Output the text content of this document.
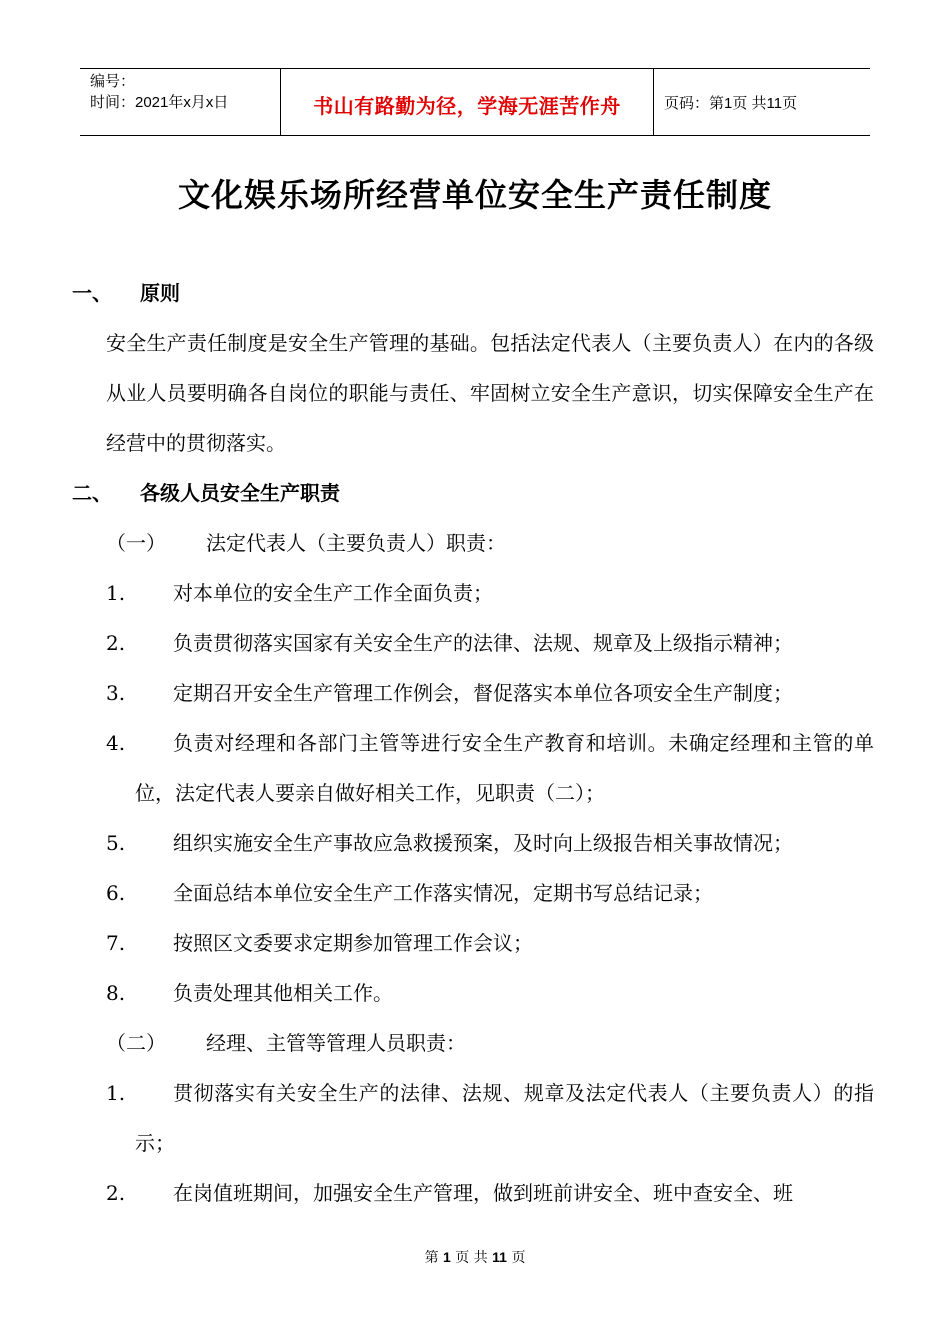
编号：
时间：2021年x月x日	书山有路勤为径，学海无涯苦作舟	页码：第1页 共11页
文化娱乐场所经营单位安全生产责任制度
一、 原则
安全生产责任制度是安全生产管理的基础。包括法定代表人（主要负责人）在内的各级从业人员要明确各自岗位的职能与责任、牢固树立安全生产意识，切实保障安全生产在经营中的贯彻落实。
二、 各级人员安全生产职责
（一） 法定代表人（主要负责人）职责：
1.	对本单位的安全生产工作全面负责；
2.	负责贯彻落实国家有关安全生产的法律、法规、规章及上级指示精神；
3.	定期召开安全生产管理工作例会，督促落实本单位各项安全生产制度；
4.	负责对经理和各部门主管等进行安全生产教育和培训。未确定经理和主管的单位，法定代表人要亲自做好相关工作，见职责（二）；
5.	组织实施安全生产事故应急救援预案，及时向上级报告相关事故情况；
6.	全面总结本单位安全生产工作落实情况，定期书写总结记录；
7.	按照区文委要求定期参加管理工作会议；
8.	负责处理其他相关工作。
（二） 经理、主管等管理人员职责：
1.	贯彻落实有关安全生产的法律、法规、规章及法定代表人（主要负责人）的指示；
2.	在岗值班期间，加强安全生产管理，做到班前讲安全、班中查安全、班
第 1 页 共 11 页
